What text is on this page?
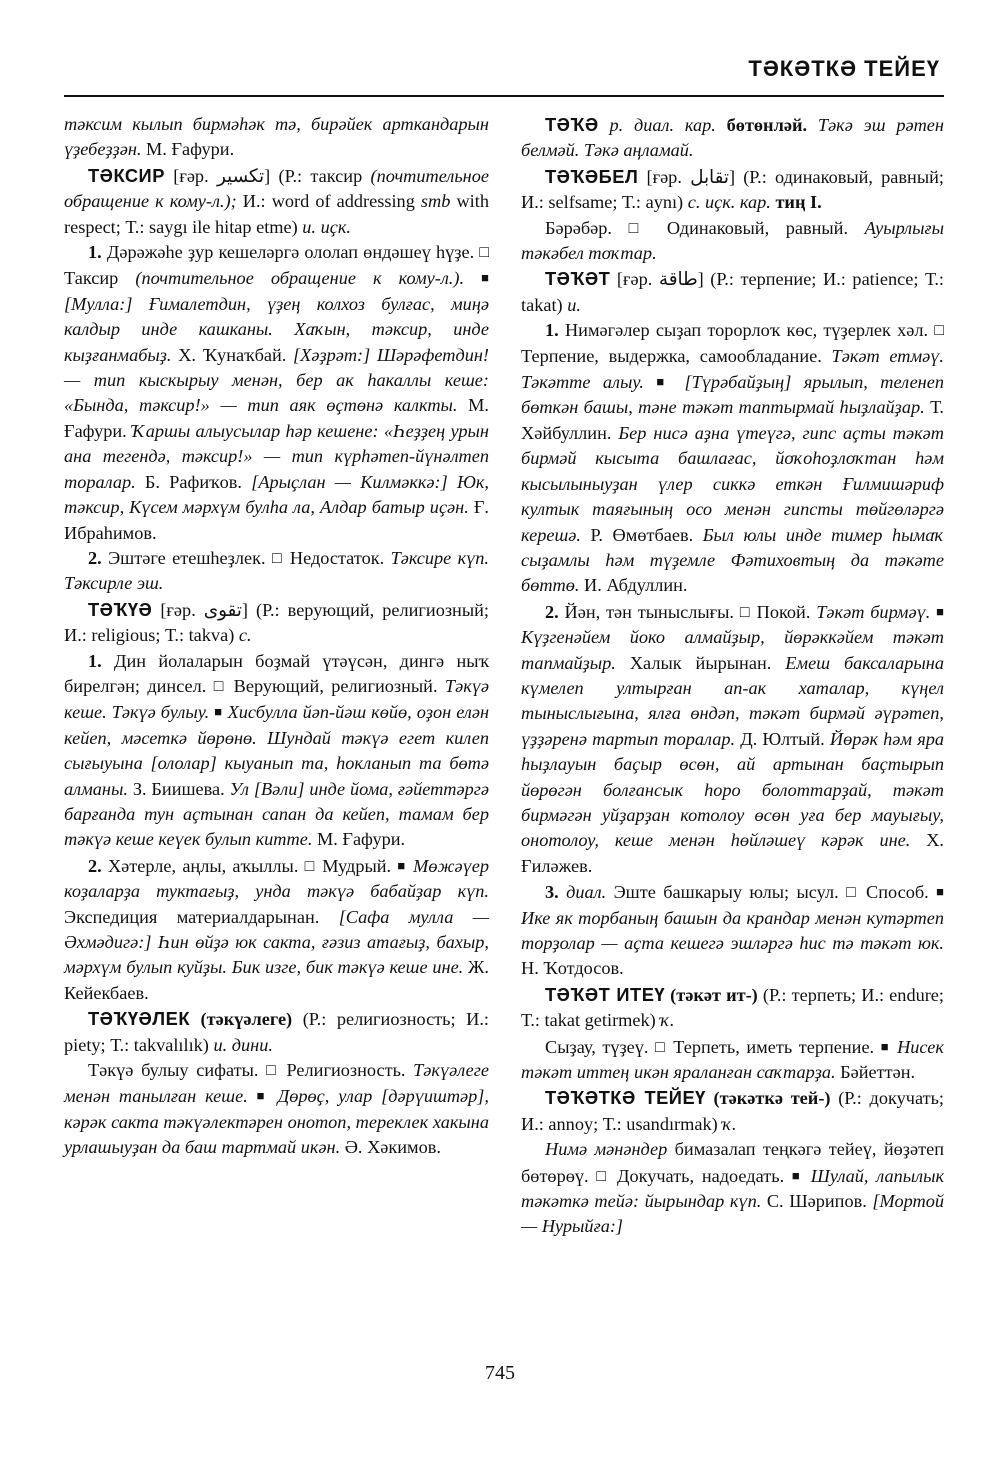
ТӘКӘТКӘ ТЕЙЕҮ

тәксим кылып бирмәһәк тә, бирәйек арткандарын үҙебеҙҙән. М. Ғафури.

ТӘКСИР [ғәр. تكسير] (Р.: таксир (почтительное обращение к кому-л.); И.: word of addressing smb with respect; Т.: saygı ile hitap etme) и. иҫк.

1. Дәрәжәһе ҙур кешеләргә ололап өндәшеү һүҙе. □ Таксир (почтительное обращение к кому-л.). ■ [Мулла:] Ғималетдин, үҙең колхоз булғас, миңә калдыр инде кашканы. Хаҡын, тәксир, инде кыҙғанмабыҙ. Х. Ҡунаҡбай. [Хәҙрәт:] Шәрәфетдин! — тип кыскырыу менән, бер ак һакаллы кеше: «Бында, тәксир!» — тип аяк өҫтөнә калкты. М. Ғафури. Ҡаршы алыусылар һәр кешене: «Һеҙҙең урын ана тегендә, тәксир!» — тип күрһәтеп-йүнәлтеп торалар. Б. Рафиҡов. [Арыҫлан — Килмәккә:] Юк, тәксир, Күсем мәрхүм булһа ла, Алдар батыр иҫән. Ғ. Ибраһимов.

2. Эштәге етешһеҙлек. □ Недостаток. Тәксире күп. Тәксирле эш.

ТӘҠҮӘ [ғәр. تقوى] (Р.: верующий, религиозный; И.: religious; Т.: takva) с.

1. Дин йолаларын боҙмай үтәүсән, дингә ныҡ бирелгән; динсел. □ Верующий, религиозный. Тәкүә кеше. Тәкүә булыу. ■ Хисбулла йәп-йәш көйө, оҙон елән кейеп, мәсеткә йөрөнө. Шундай тәкүә егет килеп сығыуына [ололар] кыуанып та, һокланып та бөтә алманы. З. Биишева. Ул [Вәли] инде йома, ғәйеттәргә барғанда тун аҫтынан сапан да кейеп, тамам бер тәкүә кеше кеүек булып китте. М. Ғафури.

2. Хәтерле, аңлы, аҡыллы. □ Мудрый. ■ Мөжәүер коҙаларҙа туктағыҙ, унда тәкүә бабайҙар күп. Экспедиция материалдарынан. [Сафа мулла — Әхмәдигә:] Һин өйҙә юк сакта, ғәзиз атағыҙ, бахыр, мәрхүм булып куйҙы. Бик изге, бик тәкүә кеше ине. Ж. Кейекбаев.

ТӘҠҮӘЛЕК (тәкүәлеге) (Р.: религиозность; И.: piety; Т.: takvalılık) и. дини.

Тәкүә булыу сифаты. □ Религиозность. Тәкүәлеге менән танылған кеше. ■ Дөрөҫ, улар [дәрүиштәр], кәрәк сакта тәкүәлектәрен онотоп, тереклек хакына урлашыуҙан да баш тартмай икән. Ә. Хәкимов.

ТӘҠӘ р. диал. кар. бөтөнләй. Тәкә эш рәтен белмәй. Тәкә аңламай.

ТӘҠӘБЕЛ [ғәр. تقابل] (Р.: одинаковый, равный; И.: selfsame; Т.: aynı) с. иҫк. кар. тиң I.

Бәрәбәр. □ Одинаковый, равный. Ауырлығы тәкәбел тоҡтар.

ТӘҠӘТ [ғәр. طاقة] (Р.: терпение; И.: patience; Т.: takat) и.

1. Нимәгәлер сыҙап торорлоҡ көс, түҙерлек хәл. □ Терпение, выдержка, самообладание. Тәкәт етмәү. Тәкәтте алыу. ■ [Түрәбайҙың] ярылып, теленеп бөткән башы, тәне тәкәт таптырмай һыҙлайҙар. Т. Хәйбуллин. Бер нисә аҙна үтеүгә, гипс аҫты тәкәт бирмәй кысыта башлағас, йоҡоһоҙлоҡтан һәм кысылыныуҙан үлер сиккә еткән Ғилмишәриф култык таяғының осо менән гипсты төйгөләргә керешә. Р. Өмөтбаев. Был юлы инде тимер һымаҡ сыҙамлы һәм түҙемле Фәтиховтың да тәкәте бөттө. И. Абдуллин.

2. Йән, тән тыныслығы. □ Покой. Тәкәт бирмәү. ■ Күҙгенәйем йоко алмайҙыр, йөрәккәйем тәкәт тапмайҙыр. Халык йырынан. Емеш баксаларына күмелеп ултырған ап-ак хаталар, күңел тыныслығына, ялға өндәп, тәкәт бирмәй әүрәтеп, үҙҙәренә тартып торалар. Д. Юлтый. Йөрәк һәм яра һыҙлауын баҫыр өсөн, ай артынан баҫтырып йөрөгән болғансык һоро болоттарҙай, тәкәт бирмәгән уйҙарҙан котолоу өсөн уға бер мауығыу, онотолоу, кеше менән һөйләшеү кәрәк ине. Х. Ғиләжев.

3. диал. Эште башкарыу юлы; ысул. □ Способ. ■ Ике як торбаның башын да крандар менән кутәртеп торҙолар — аҫта кешегә эшләргә һис тә тәкәт юк. Н. Ҡотдосов.

ТӘҠӘТ ИТЕҮ (тәкәт ит-) (Р.: терпеть; И.: endure; Т.: takat getirmek) ҡ.

Сыҙау, түҙеү. □ Терпеть, иметь терпение. ■ Нисек тәкәт иттең икән яраланған саҡтарҙа. Бәйеттән.

ТӘҠӘТКӘ ТЕЙЕҮ (тәкәткә тей-) (Р.: докучать; И.: annoy; Т.: usandırmak) ҡ.

Нимә мәнәндер бимазалап теңкәгә тейеү, йөҙәтеп бөтөрөү. □ Докучать, надоедать. ■ Шулай, лапылык тәкәткә тейә: йырындар күп. С. Шәрипов. [Мортой — Нурыйға:]

745
